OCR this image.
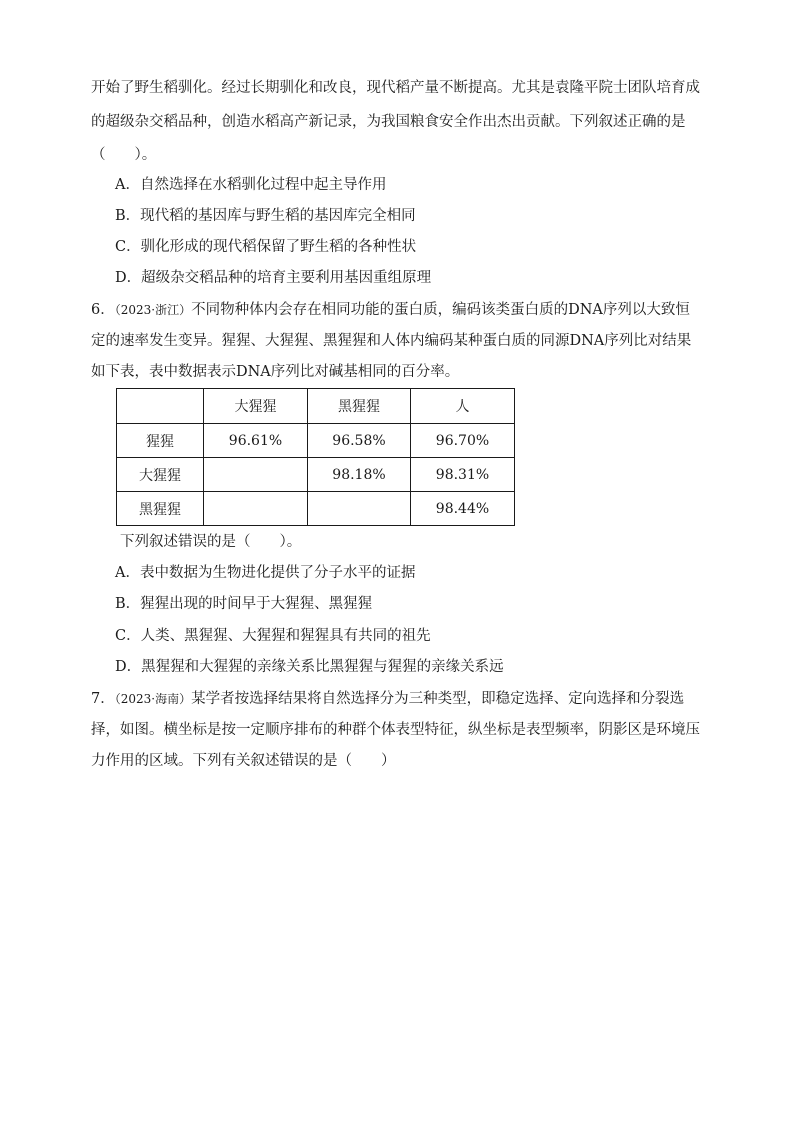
开始了野生稻驯化。经过长期驯化和改良，现代稻产量不断提高。尤其是袁隆平院士团队培育成
的超级杂交稻品种，创造水稻高产新记录，为我国粮食安全作出杰出贡献。下列叙述正确的是
（　　）。
A．自然选择在水稻驯化过程中起主导作用
B．现代稻的基因库与野生稻的基因库完全相同
C．驯化形成的现代稻保留了野生稻的各种性状
D．超级杂交稻品种的培育主要利用基因重组原理
6．（2023·浙江）不同物种体内会存在相同功能的蛋白质，编码该类蛋白质的DNA序列以大致恒
定的速率发生变异。猩猩、大猩猩、黑猩猩和人体内编码某种蛋白质的同源DNA序列比对结果
如下表，表中数据表示DNA序列比对碱基相同的百分率。
	大猩猩	黑猩猩	人
猩猩	96.61%	96.58%	96.70%
大猩猩		98.18%	98.31%
黑猩猩			98.44%
下列叙述错误的是（　　）。
A．表中数据为生物进化提供了分子水平的证据
B．猩猩出现的时间早于大猩猩、黑猩猩
C．人类、黑猩猩、大猩猩和猩猩具有共同的祖先
D．黑猩猩和大猩猩的亲缘关系比黑猩猩与猩猩的亲缘关系远
7．（2023·海南）某学者按选择结果将自然选择分为三种类型，即稳定选择、定向选择和分裂选
择，如图。横坐标是按一定顺序排布的种群个体表型特征，纵坐标是表型频率，阴影区是环境压
力作用的区域。下列有关叙述错误的是（　　）
